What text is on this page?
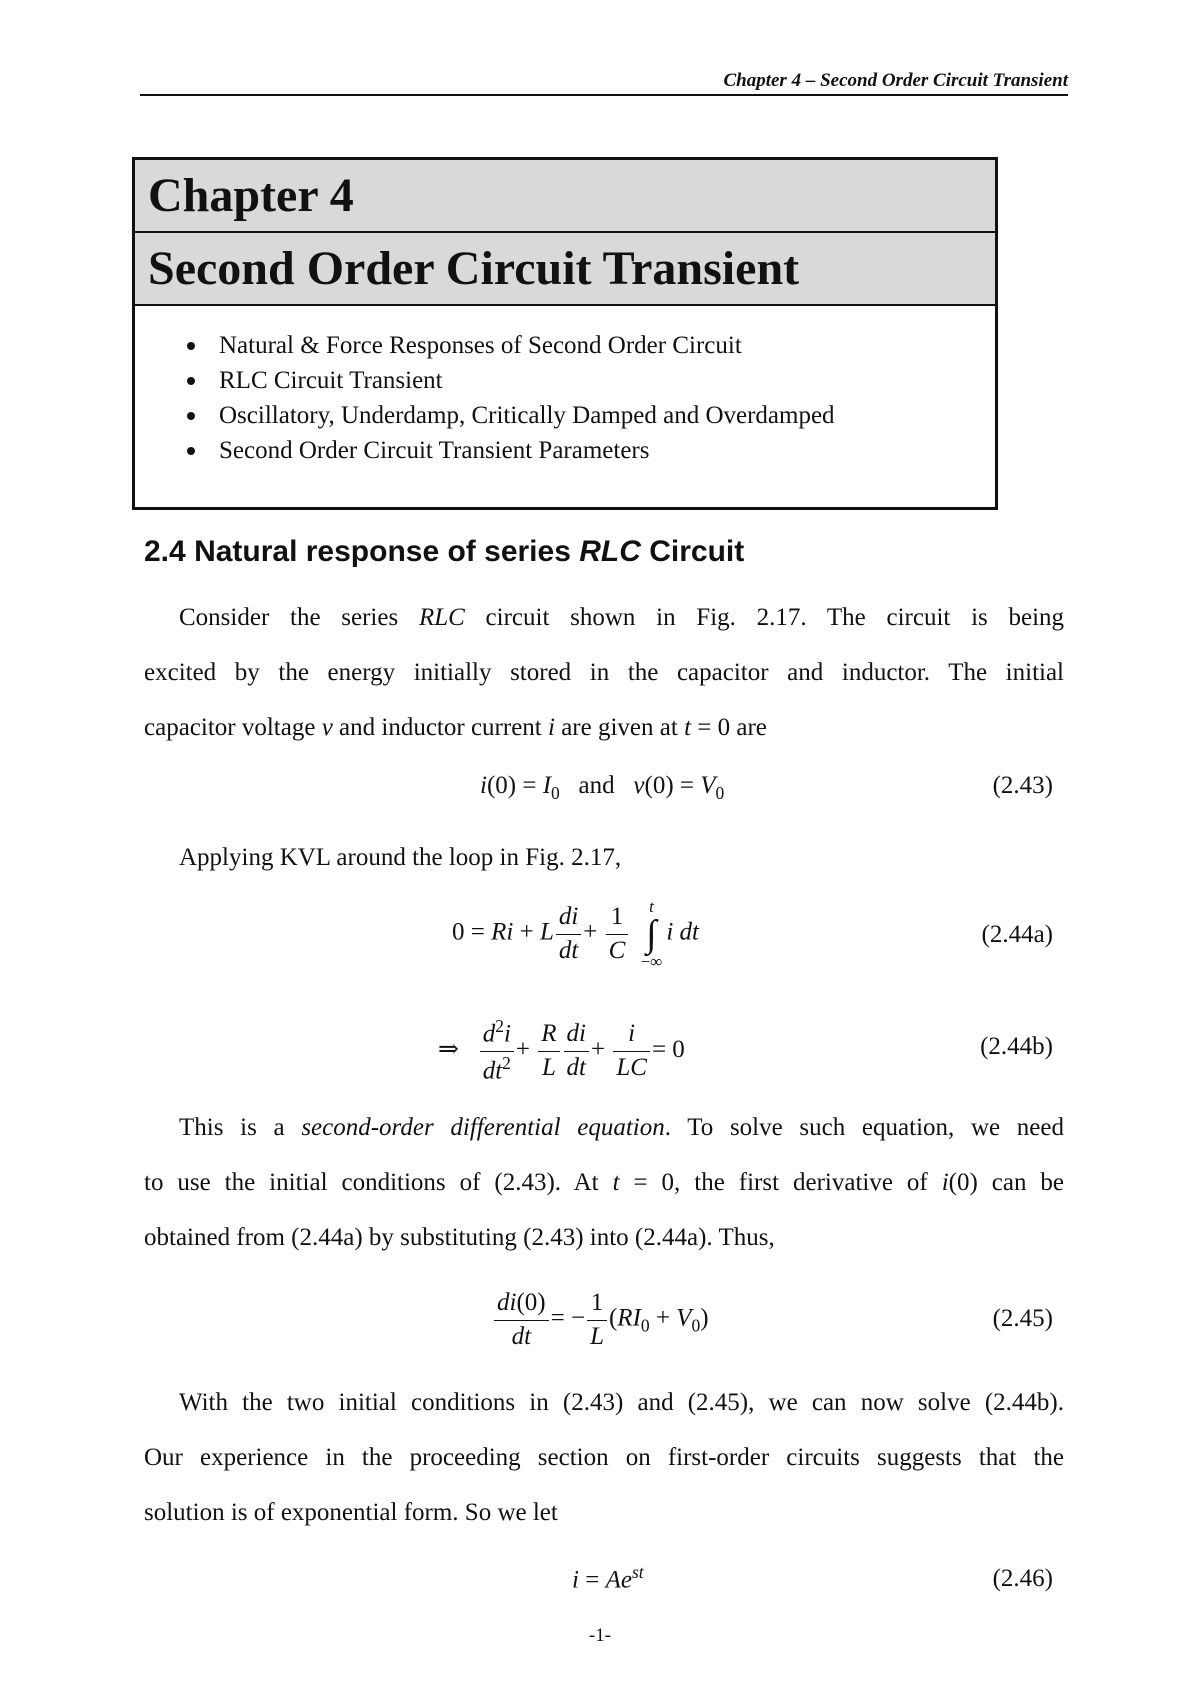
Chapter 4 – Second Order Circuit Transient
Chapter 4
Second Order Circuit Transient
Natural & Force Responses of Second Order Circuit
RLC Circuit Transient
Oscillatory, Underdamp, Critically Damped and Overdamped
Second Order Circuit Transient Parameters
2.4 Natural response of series RLC Circuit
Consider the series RLC circuit shown in Fig. 2.17. The circuit is being
excited by the energy initially stored in the capacitor and inductor. The initial
capacitor voltage v and inductor current i are given at t = 0 are
$i(0) = I_0$ and $v(0) = V_0$	(2.43)
Applying KVL around the loop in Fig. 2.17,
0 = Ri + L $\frac{di}{dt} + \frac{1}{C}$
	t
∫
−∞
i dt	(2.44a)
⇒ $\frac{d^2i}{dt^2} + \frac{R}{L} \frac{di}{dt} + \frac{i}{LC} = 0$	(2.44b)
This is a second-order differential equation. To solve such equation, we need
to use the initial conditions of (2.43). At t = 0, the first derivative of i(0) can be
obtained from (2.44a) by substituting (2.43) into (2.44a). Thus,
$\frac{di(0)}{dt}$ = − $\frac{1}{L} (RI_0 + V_0)$	(2.45)
With the two initial conditions in (2.43) and (2.45), we can now solve (2.44b).
Our experience in the proceeding section on first-order circuits suggests that the
solution is of exponential form. So we let
$i = Ae^{st}$	(2.46)
-1-
